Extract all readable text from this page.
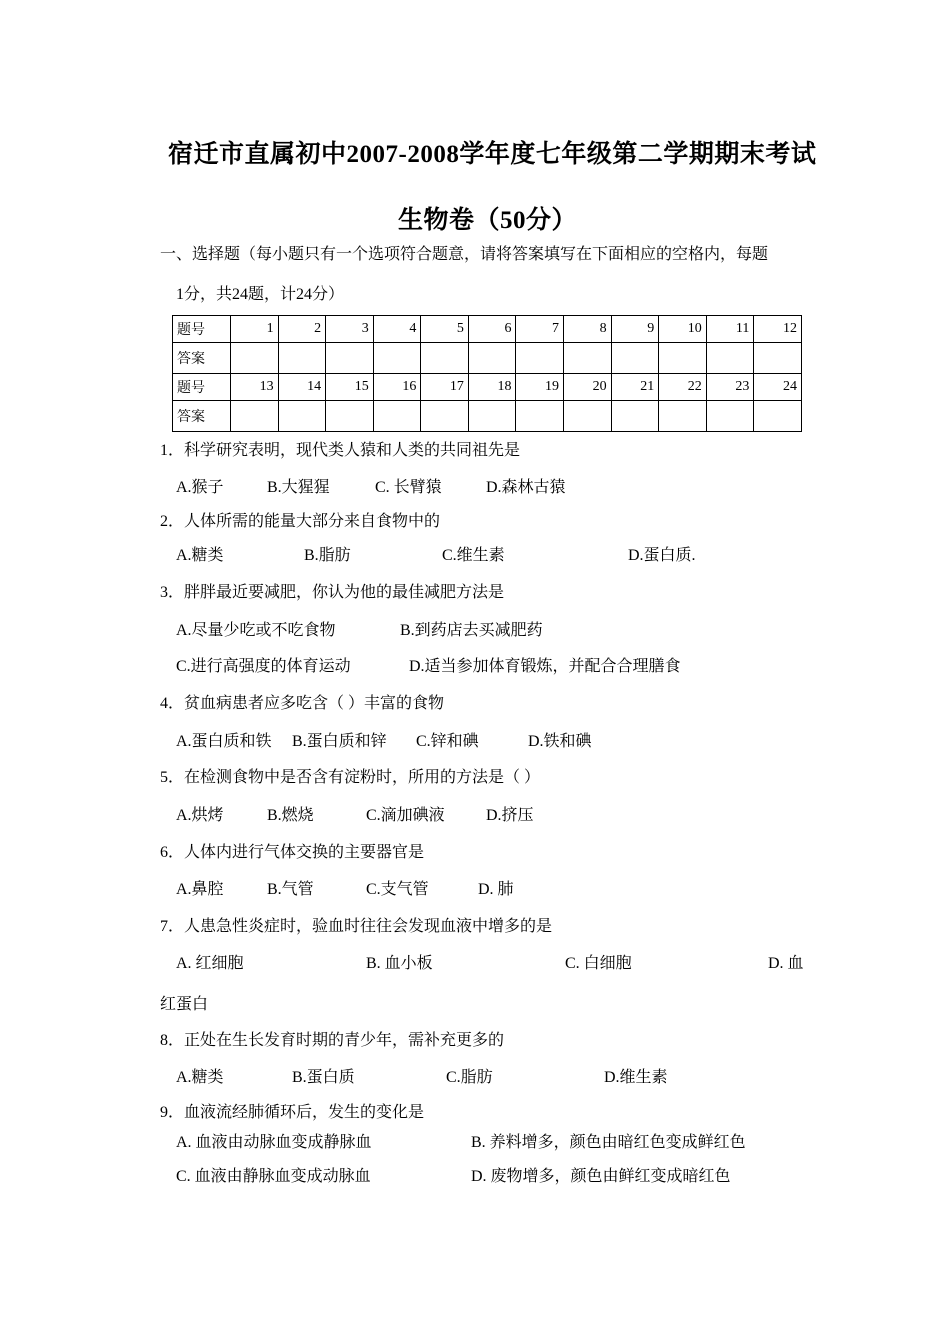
宿迁市直属初中2007-2008学年度七年级第二学期期末考试
生物卷（50分）
一、选择题（每小题只有一个选项符合题意，请将答案填写在下面相应的空格内，每题
1分，共24题，计24分）
题号	1	2	3	4	5	6	7	8	9	10	11	12
答案												
题号	13	14	15	16	17	18	19	20	21	22	23	24
答案												
1．科学研究表明，现代类人猿和人类的共同祖先是
A.猴子	B.大猩猩	C. 长臂猿	D.森林古猿
2．人体所需的能量大部分来自食物中的
A.糖类	B.脂肪	C.维生素	D.蛋白质.
3．胖胖最近要减肥，你认为他的最佳减肥方法是
A.尽量少吃或不吃食物	B.到药店去买减肥药
C.进行高强度的体育运动	D.适当参加体育锻炼，并配合合理膳食
4．贫血病患者应多吃含（ ）丰富的食物
A.蛋白质和铁 B.蛋白质和锌 C.锌和碘	D.铁和碘
5．在检测食物中是否含有淀粉时，所用的方法是（ ）
A.烘烤	B.燃烧	C.滴加碘液	D.挤压
6．人体内进行气体交换的主要器官是
A.鼻腔	B.气管	C.支气管	D. 肺
7．人患急性炎症时，验血时往往会发现血液中增多的是
A. 红细胞	B. 血小板	C. 白细胞	D. 血
红蛋白
8．正处在生长发育时期的青少年，需补充更多的
A.糖类	B.蛋白质	C.脂肪	D.维生素
9．血液流经肺循环后，发生的变化是
A. 血液由动脉血变成静脉血	B. 养料增多，颜色由暗红色变成鲜红色
C. 血液由静脉血变成动脉血	D. 废物增多，颜色由鲜红变成暗红色
